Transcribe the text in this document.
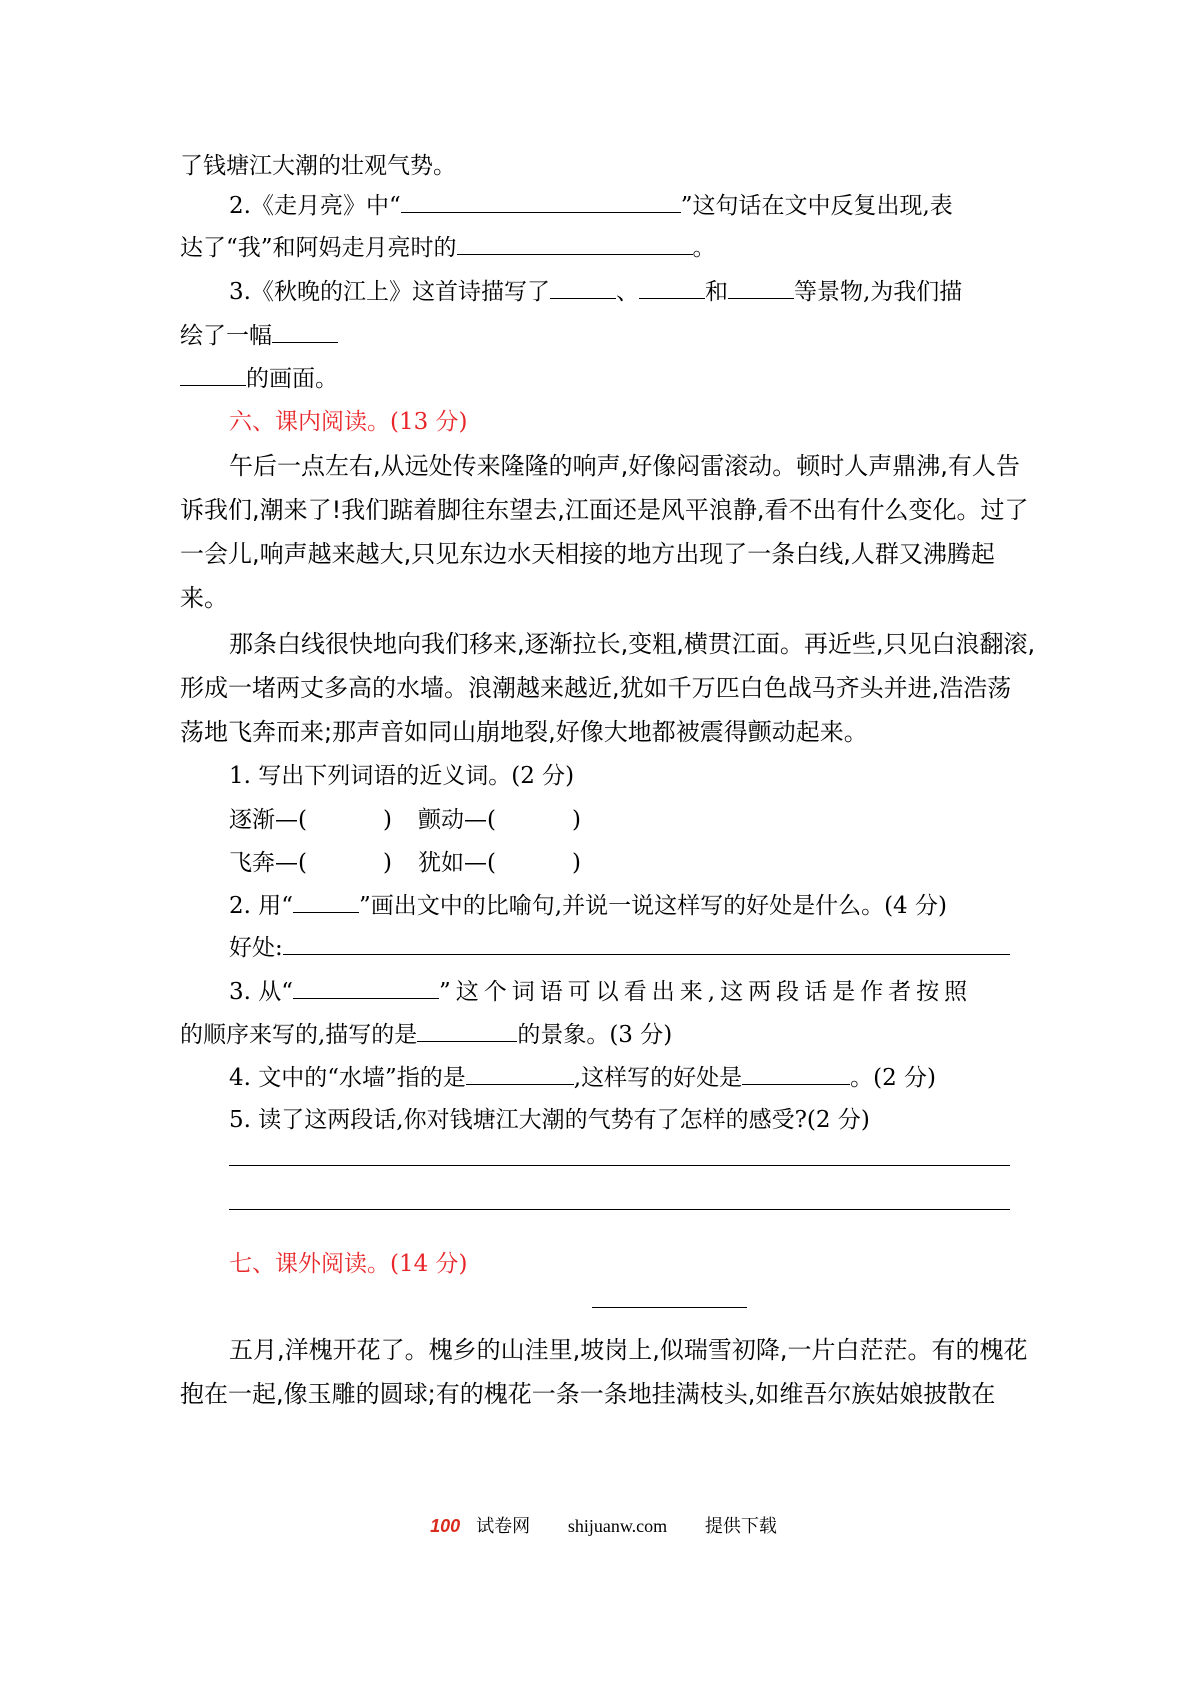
了钱塘江大潮的壮观气势。
2.《走月亮》中“	”这句话在文中反复出现,表
达了“我”和阿妈走月亮时的	。
3.《秋晚的江上》这首诗描写了	、	和	等景物,为我们描
绘了一幅
的画面。
六、课内阅读。(13 分)
午后一点左右,从远处传来隆隆的响声,好像闷雷滚动。顿时人声鼎沸,有人告
诉我们,潮来了!我们踮着脚往东望去,江面还是风平浪静,看不出有什么变化。过了
一会儿,响声越来越大,只见东边水天相接的地方出现了一条白线,人群又沸腾起
来。
那条白线很快地向我们移来,逐渐拉长,变粗,横贯江面。再近些,只见白浪翻滚,
形成一堵两丈多高的水墙。浪潮越来越近,犹如千万匹白色战马齐头并进,浩浩荡
荡地飞奔而来;那声音如同山崩地裂,好像大地都被震得颤动起来。
1. 写出下列词语的近义词。(2 分)
逐渐—(	) 颤动—(	)
飞奔—(	) 犹如—(	)
2. 用“	”画出文中的比喻句,并说一说这样写的好处是什么。(4 分)
好处:
3. 从“	”这个词语可以看出来,这两段话是作者按照
的顺序来写的,描写的是	的景象。(3 分)
4. 文中的“水墙”指的是	,这样写的好处是	。(2 分)
5. 读了这两段话,你对钱塘江大潮的气势有了怎样的感受?(2 分)
七、课外阅读。(14 分)
五月,洋槐开花了。槐乡的山洼里,坡岗上,似瑞雪初降,一片白茫茫。有的槐花
抱在一起,像玉雕的圆球;有的槐花一条一条地挂满枝头,如维吾尔族姑娘披散在
100 试卷网 shijuanw.com 提供下载
